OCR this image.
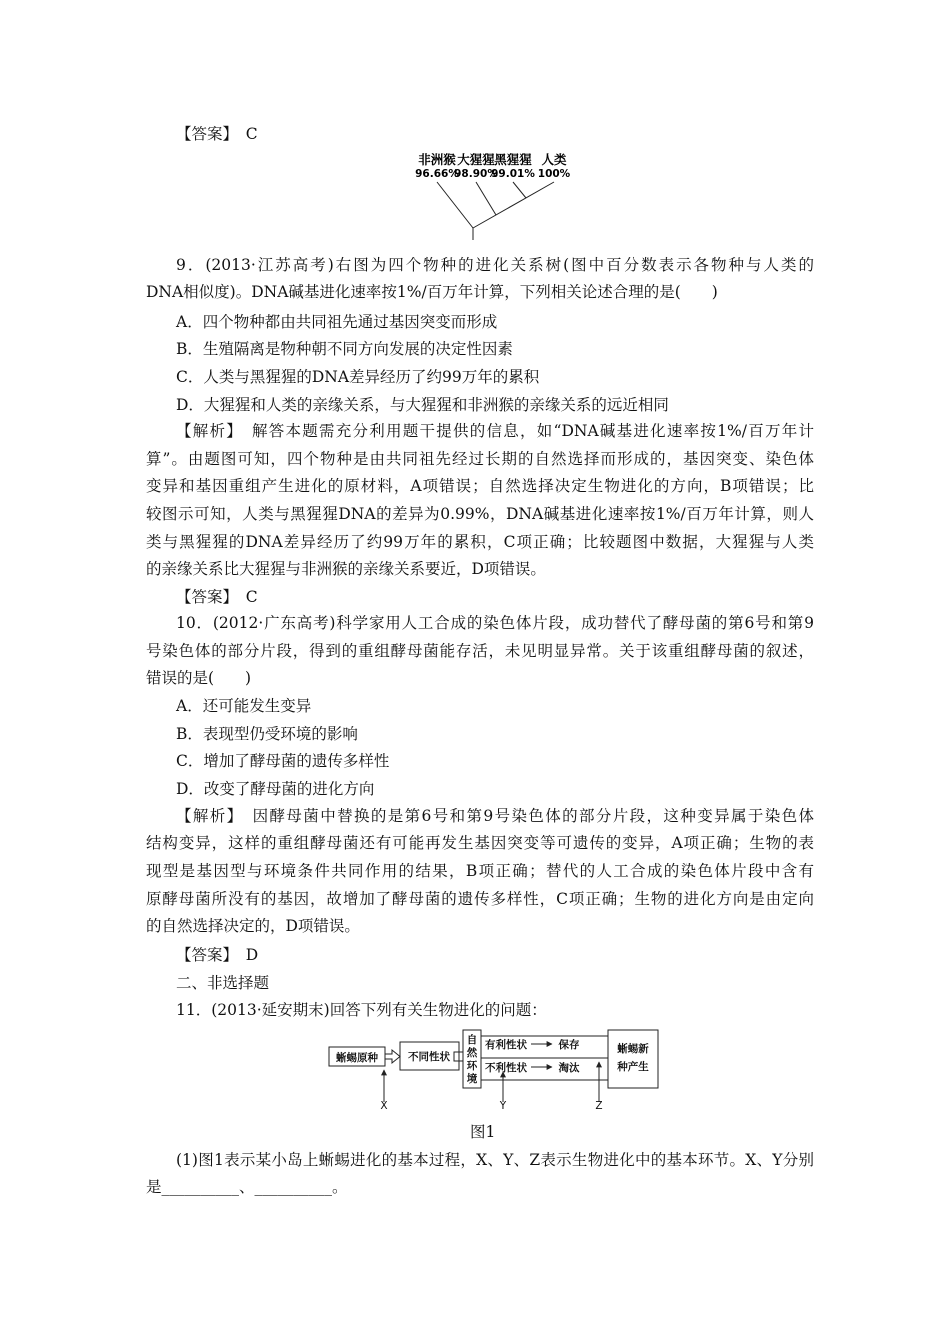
【答案】　C
非洲猴 大猩猩 黑猩猩 人类
96.66%
98.90%
99.01% 100%
9．(2013·江苏高考)右图为四个物种的进化关系树(图中百分数表示各物种与人类的
DNA相似度)。DNA碱基进化速率按1%/百万年计算，下列相关论述合理的是(　　)
A．四个物种都由共同祖先通过基因突变而形成
B．生殖隔离是物种朝不同方向发展的决定性因素
C．人类与黑猩猩的DNA差异经历了约99万年的累积
D．大猩猩和人类的亲缘关系，与大猩猩和非洲猴的亲缘关系的远近相同
【解析】　解答本题需充分利用题干提供的信息，如“DNA碱基进化速率按1%/百万年计
算”。由题图可知，四个物种是由共同祖先经过长期的自然选择而形成的，基因突变、染色体
变异和基因重组产生进化的原材料，A项错误；自然选择决定生物进化的方向，B项错误；比
较图示可知，人类与黑猩猩DNA的差异为0.99%，DNA碱基进化速率按1%/百万年计算，则人
类与黑猩猩的DNA差异经历了约99万年的累积，C项正确；比较题图中数据，大猩猩与人类
的亲缘关系比大猩猩与非洲猴的亲缘关系要近，D项错误。
【答案】　C
10．(2012·广东高考)科学家用人工合成的染色体片段，成功替代了酵母菌的第6号和第9
号染色体的部分片段，得到的重组酵母菌能存活，未见明显异常。关于该重组酵母菌的叙述，
错误的是(　　)
A．还可能发生变异
B．表现型仍受环境的影响
C．增加了酵母菌的遗传多样性
D．改变了酵母菌的进化方向
【解析】　因酵母菌中替换的是第6号和第9号染色体的部分片段，这种变异属于染色体
结构变异，这样的重组酵母菌还有可能再发生基因突变等可遗传的变异，A项正确；生物的表
现型是基因型与环境条件共同作用的结果，B项正确；替代的人工合成的染色体片段中含有
原酵母菌所没有的基因，故增加了酵母菌的遗传多样性，C项正确；生物的进化方向是由定向
的自然选择决定的，D项错误。
【答案】　D
二、非选择题
11．(2013·延安期末)回答下列有关生物进化的问题：
蜥蜴原种	不同性状
自
然
环
境
有利性状	保存
不利性状	淘汰
蜥蜴新
种产生
X	Y	Z
图1
(1)图1表示某小岛上蜥蜴进化的基本过程，X、Y、Z表示生物进化中的基本环节。X、Y分别
是__________、__________。
